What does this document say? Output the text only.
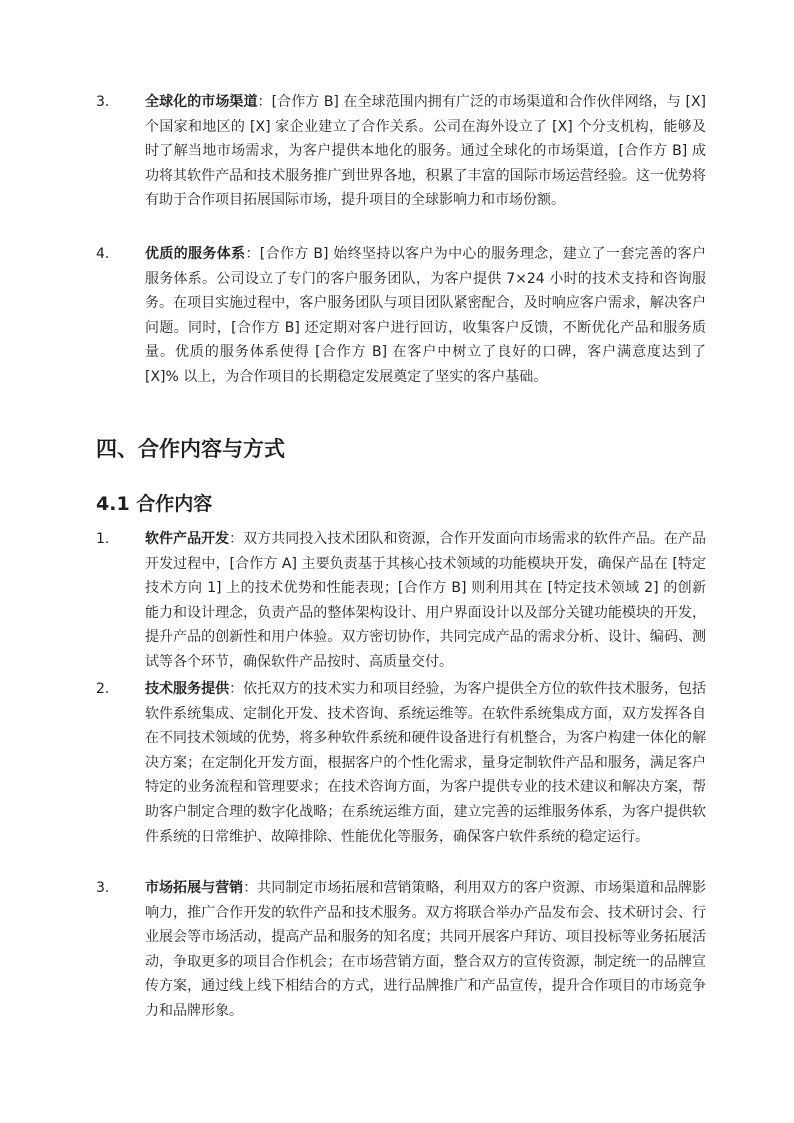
3.	全球化的市场渠道：[合作方 B] 在全球范围内拥有广泛的市场渠道和合作伙伴网络，与 [X] 个国家和地区的 [X] 家企业建立了合作关系。公司在海外设立了 [X] 个分支机构，能够及时了解当地市场需求，为客户提供本地化的服务。通过全球化的市场渠道，[合作方 B] 成功将其软件产品和技术服务推广到世界各地，积累了丰富的国际市场运营经验。这一优势将有助于合作项目拓展国际市场，提升项目的全球影响力和市场份额。
4.	优质的服务体系：[合作方 B] 始终坚持以客户为中心的服务理念，建立了一套完善的客户服务体系。公司设立了专门的客户服务团队，为客户提供 7×24 小时的技术支持和咨询服务。在项目实施过程中，客户服务团队与项目团队紧密配合，及时响应客户需求，解决客户问题。同时，[合作方 B] 还定期对客户进行回访，收集客户反馈，不断优化产品和服务质量。优质的服务体系使得 [合作方 B] 在客户中树立了良好的口碑，客户满意度达到了 [X]% 以上，为合作项目的长期稳定发展奠定了坚实的客户基础。
四、合作内容与方式
4.1 合作内容
1.	软件产品开发：双方共同投入技术团队和资源，合作开发面向市场需求的软件产品。在产品开发过程中，[合作方 A] 主要负责基于其核心技术领域的功能模块开发，确保产品在 [特定技术方向 1] 上的技术优势和性能表现；[合作方 B] 则利用其在 [特定技术领域 2] 的创新能力和设计理念，负责产品的整体架构设计、用户界面设计以及部分关键功能模块的开发，提升产品的创新性和用户体验。双方密切协作，共同完成产品的需求分析、设计、编码、测试等各个环节，确保软件产品按时、高质量交付。
2.	技术服务提供：依托双方的技术实力和项目经验，为客户提供全方位的软件技术服务，包括软件系统集成、定制化开发、技术咨询、系统运维等。在软件系统集成方面，双方发挥各自在不同技术领域的优势，将多种软件系统和硬件设备进行有机整合，为客户构建一体化的解决方案；在定制化开发方面，根据客户的个性化需求，量身定制软件产品和服务，满足客户特定的业务流程和管理要求；在技术咨询方面，为客户提供专业的技术建议和解决方案，帮助客户制定合理的数字化战略；在系统运维方面，建立完善的运维服务体系，为客户提供软件系统的日常维护、故障排除、性能优化等服务，确保客户软件系统的稳定运行。
3.	市场拓展与营销：共同制定市场拓展和营销策略，利用双方的客户资源、市场渠道和品牌影响力，推广合作开发的软件产品和技术服务。双方将联合举办产品发布会、技术研讨会、行业展会等市场活动，提高产品和服务的知名度；共同开展客户拜访、项目投标等业务拓展活动，争取更多的项目合作机会；在市场营销方面，整合双方的宣传资源，制定统一的品牌宣传方案，通过线上线下相结合的方式，进行品牌推广和产品宣传，提升合作项目的市场竞争力和品牌形象。
